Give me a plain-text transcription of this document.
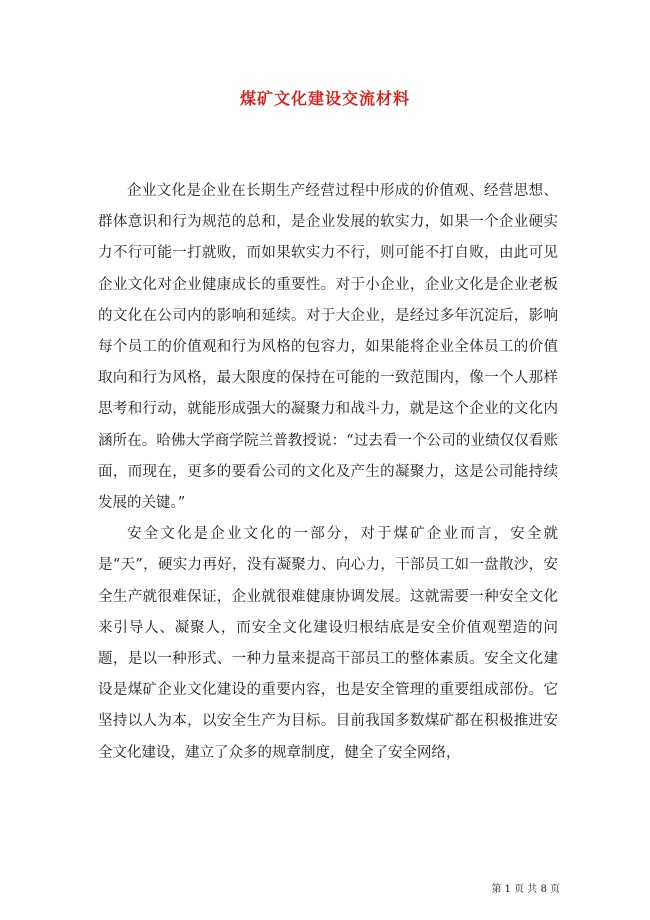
煤矿文化建设交流材料

企业文化是企业在长期生产经营过程中形成的价值观、经营思想、群体意识和行为规范的总和，是企业发展的软实力，如果一个企业硬实力不行可能一打就败，而如果软实力不行，则可能不打自败，由此可见企业文化对企业健康成长的重要性。对于小企业，企业文化是企业老板的文化在公司内的影响和延续。对于大企业，是经过多年沉淀后，影响每个员工的价值观和行为风格的包容力，如果能将企业全体员工的价值取向和行为风格，最大限度的保持在可能的一致范围内，像一个人那样思考和行动，就能形成强大的凝聚力和战斗力，就是这个企业的文化内涵所在。哈佛大学商学院兰普教授说：“过去看一个公司的业绩仅仅看账面，而现在，更多的要看公司的文化及产生的凝聚力，这是公司能持续发展的关键。”

安全文化是企业文化的一部分，对于煤矿企业而言，安全就是“天”，硬实力再好，没有凝聚力、向心力，干部员工如一盘散沙，安全生产就很难保证，企业就很难健康协调发展。这就需要一种安全文化来引导人、凝聚人，而安全文化建设归根结底是安全价值观塑造的问题，是以一种形式、一种力量来提高干部员工的整体素质。安全文化建设是煤矿企业文化建设的重要内容，也是安全管理的重要组成部份。它坚持以人为本，以安全生产为目标。目前我国多数煤矿都在积极推进安全文化建设，建立了众多的规章制度，健全了安全网络，

第 1 页 共 8 页
